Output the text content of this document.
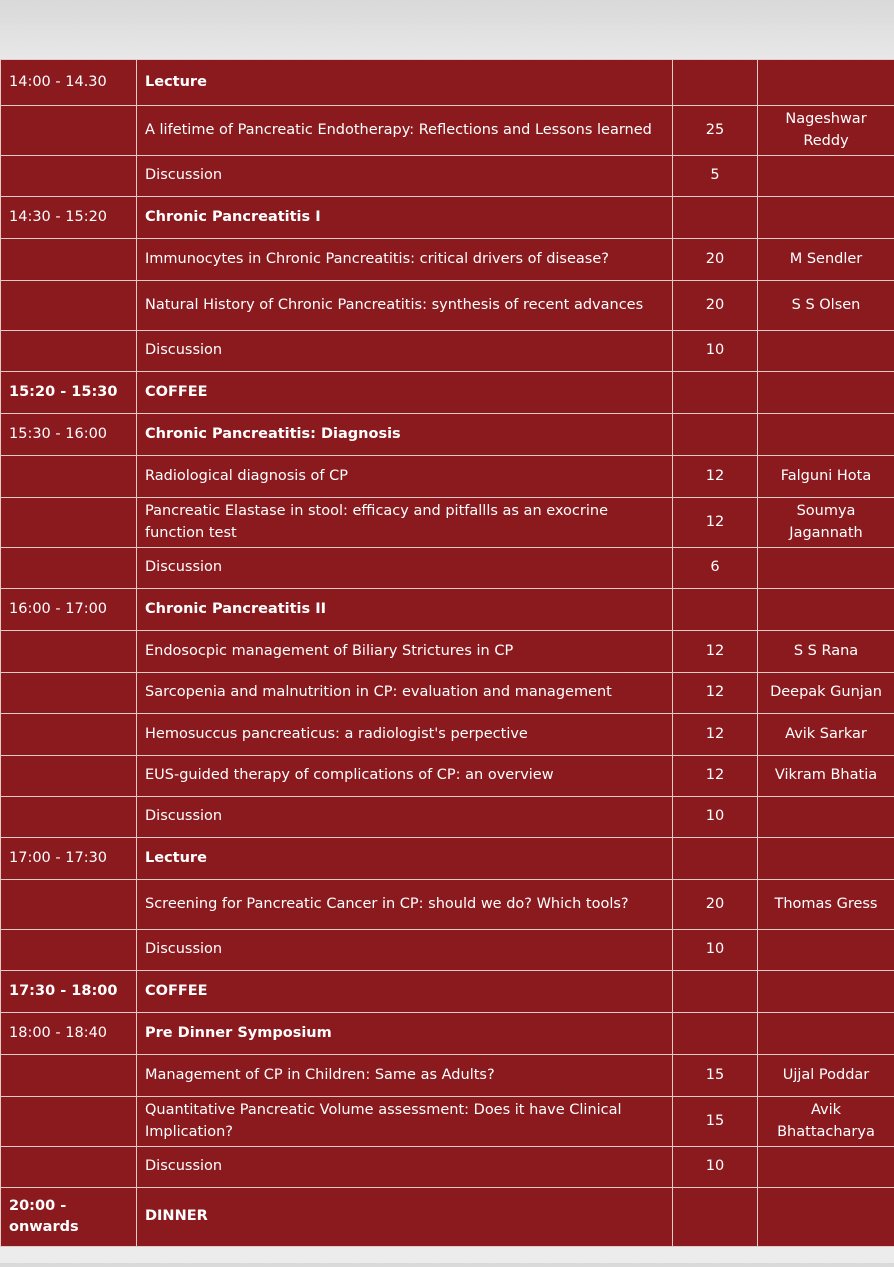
14:00 - 14.30	Lecture		
	A lifetime of Pancreatic Endotherapy: Reflections and Lessons learned	25	Nageshwar Reddy
	Discussion	5	
14:30 - 15:20	Chronic Pancreatitis I		
	Immunocytes in Chronic Pancreatitis: critical drivers of disease?	20	M Sendler
	Natural History of Chronic Pancreatitis: synthesis of recent advances	20	S S Olsen
	Discussion	10	
15:20 - 15:30	COFFEE		
15:30 - 16:00	Chronic Pancreatitis: Diagnosis		
	Radiological diagnosis of CP	12	Falguni Hota
	Pancreatic Elastase in stool: efficacy and pitfallls as an exocrine function test	12	Soumya Jagannath
	Discussion	6	
16:00 - 17:00	Chronic Pancreatitis II		
	Endosocpic management of Biliary Strictures in CP	12	S S Rana
	Sarcopenia and malnutrition in CP: evaluation and management	12	Deepak Gunjan
	Hemosuccus pancreaticus: a radiologist's perpective	12	Avik Sarkar
	EUS-guided therapy of complications of CP: an overview	12	Vikram Bhatia
	Discussion	10	
17:00 - 17:30	Lecture		
	Screening for Pancreatic Cancer in CP: should we do? Which tools?	20	Thomas Gress
	Discussion	10	
17:30 - 18:00	COFFEE		
18:00 - 18:40	Pre Dinner Symposium		
	Management of CP in Children: Same as Adults?	15	Ujjal Poddar
	Quantitative Pancreatic Volume assessment: Does it have Clinical Implication?	15	Avik Bhattacharya
	Discussion	10	
20:00 - onwards	DINNER		
